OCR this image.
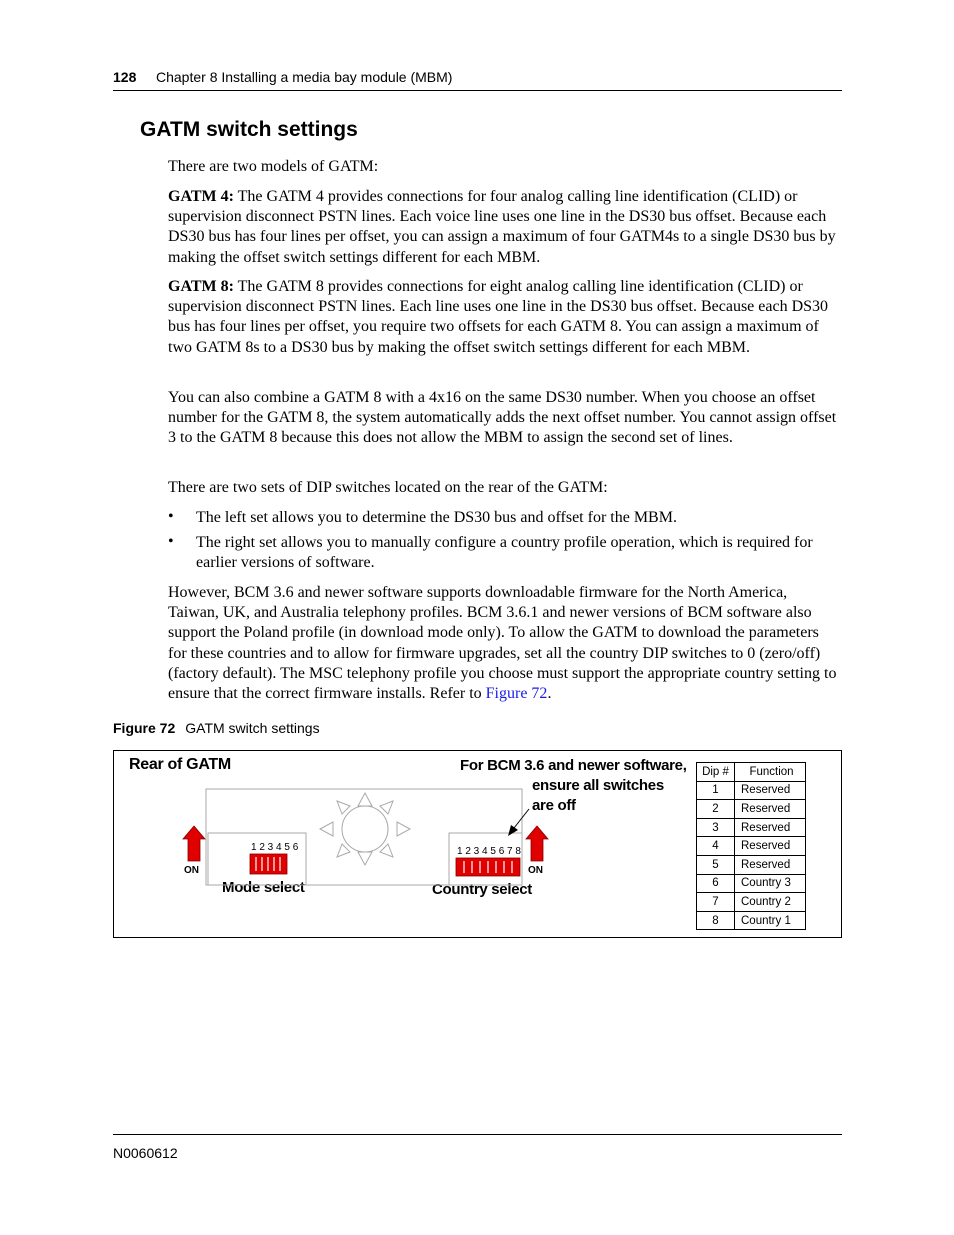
128 Chapter 8 Installing a media bay module (MBM)
GATM switch settings

There are two models of GATM:

GATM 4: The GATM 4 provides connections for four analog calling line identification (CLID) or supervision disconnect PSTN lines. Each voice line uses one line in the DS30 bus offset. Because each DS30 bus has four lines per offset, you can assign a maximum of four GATM4s to a single DS30 bus by making the offset switch settings different for each MBM.

GATM 8: The GATM 8 provides connections for eight analog calling line identification (CLID) or supervision disconnect PSTN lines. Each line uses one line in the DS30 bus offset. Because each DS30 bus has four lines per offset, you require two offsets for each GATM 8. You can assign a maximum of two GATM 8s to a DS30 bus by making the offset switch settings different for each MBM.

You can also combine a GATM 8 with a 4x16 on the same DS30 number. When you choose an offset number for the GATM 8, the system automatically adds the next offset number. You cannot assign offset 3 to the GATM 8 because this does not allow the MBM to assign the second set of lines.

There are two sets of DIP switches located on the rear of the GATM:

• The left set allows you to determine the DS30 bus and offset for the MBM.

• The right set allows you to manually configure a country profile operation, which is required for earlier versions of software.

However, BCM 3.6 and newer software supports downloadable firmware for the North America, Taiwan, UK, and Australia telephony profiles. BCM 3.6.1 and newer versions of BCM software also support the Poland profile (in download mode only). To allow the GATM to download the parameters for these countries and to allow for firmware upgrades, set all the country DIP switches to 0 (zero/off) (factory default). The MSC telephony profile you choose must support the appropriate country setting to ensure that the correct firmware installs. Refer to Figure 72.

Figure 72 GATM switch settings
Rear of GATM	For BCM 3.6 and newer software,
ensure all switches
are off
Mode select	Country select
1 2 3 4 5 6	1 2 3 4 5 6 7 8
ON	ON
Dip #	Function
1	Reserved
2	Reserved
3	Reserved
4	Reserved
5	Reserved
6	Country 3
7	Country 2
8	Country 1
N0060612
